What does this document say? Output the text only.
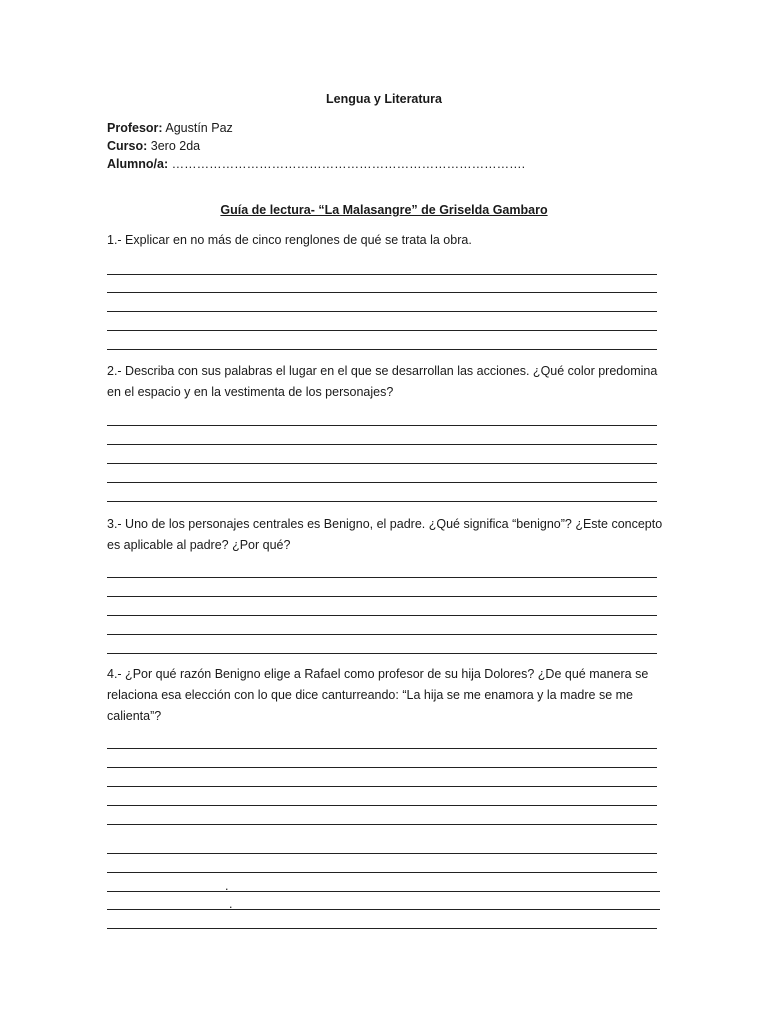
Lengua y Literatura
Profesor: Agustín Paz
Curso: 3ero 2da
Alumno/a: ………………………………………………………………………….
Guía de lectura- “La Malasangre” de Griselda Gambaro
1.- Explicar en no más de cinco renglones de qué se trata la obra.
2.- Describa con sus palabras el lugar en el que se desarrollan las acciones. ¿Qué color predomina en el espacio y en la vestimenta de los personajes?
3.- Uno de los personajes centrales es Benigno, el padre. ¿Qué significa “benigno”? ¿Este concepto es aplicable al padre? ¿Por qué?
4.- ¿Por qué razón Benigno elige a Rafael como profesor de su hija Dolores? ¿De qué manera se relaciona esa elección con lo que dice canturreando: “La hija se me enamora y la madre se me calienta”?
.
.
